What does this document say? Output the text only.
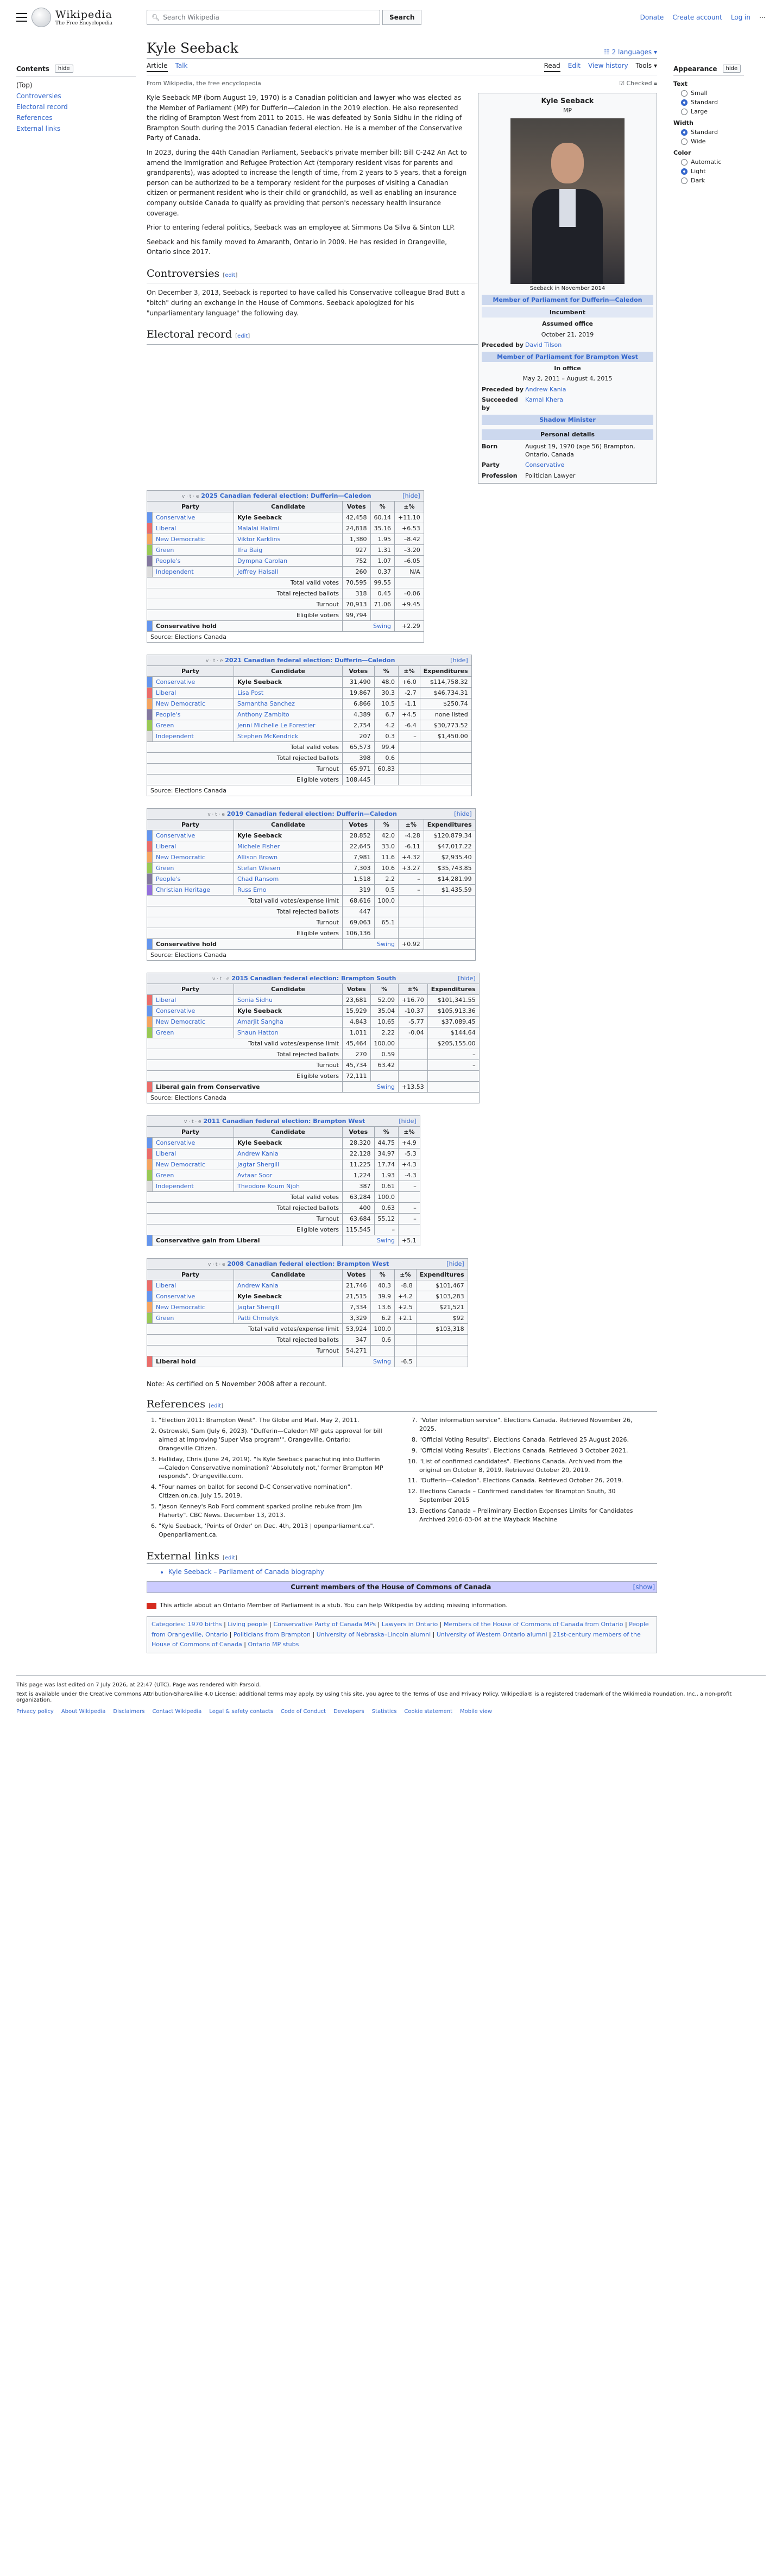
Wikipedia
The Free Encyclopedia
🔍︎ Search Wikipedia	Search	Donate Create account Log in ⋯
Contents	hide
(Top)
Controversies
Electoral record
References
External links
Kyle Seeback	☷ 2 languages ▾
Article Talk	Read Edit View history Tools ▾
From Wikipedia, the free encyclopedia	☑ Checked 🔒︎
Kyle Seeback
MP
Seeback in November 2014
Member of Parliament for Dufferin—Caledon
Incumbent
Assumed office
October 21, 2019
Preceded by David Tilson
Member of Parliament for Brampton West
In office
May 2, 2011 – August 4, 2015
Preceded by Andrew Kania
Succeeded by
Kamal Khera
Shadow Minister
Personal details
Born	August 19, 1970 (age 56) Brampton, Ontario, Canada
Party	Conservative
Profession	Politician Lawyer

Kyle Seeback MP (born August 19, 1970) is a Canadian politician and lawyer who was elected as the Member of Parliament (MP) for Dufferin—Caledon in the 2019 election. He also represented the riding of Brampton West from 2011 to 2015. He was defeated by Sonia Sidhu in the riding of Brampton South during the 2015 Canadian federal election. He is a member of the Conservative Party of Canada.

In 2023, during the 44th Canadian Parliament, Seeback's private member bill: Bill C-242 An Act to amend the Immigration and Refugee Protection Act (temporary resident visas for parents and grandparents), was adopted to increase the length of time, from 2 years to 5 years, that a foreign person can be authorized to be a temporary resident for the purposes of visiting a Canadian citizen or permanent resident who is their child or grandchild, as well as enabling an insurance company outside Canada to qualify as providing that person's necessary health insurance coverage.

Prior to entering federal politics, Seeback was an employee at Simmons Da Silva & Sinton LLP.

Seeback and his family moved to Amaranth, Ontario in 2009. He has resided in Orangeville, Ontario since 2017.

Controversies [edit]

On December 3, 2013, Seeback is reported to have called his Conservative colleague Brad Butt a "bitch" during an exchange in the House of Commons. Seeback apologized for his "unparliamentary language" the following day.

Electoral record [edit]
v · t · e 2025 Canadian federal election: Dufferin—Caledon [hide]					

Party		Candidate	Votes	%	±%
	Conservative	Kyle Seeback	42,458	60.14	+11.10
	Liberal	Malalai Halimi	24,818	35.16	+6.53
	New Democratic	Viktor Karklins	1,380	1.95	–8.42
	Green	Ifra Baig	927	1.31	–3.20
	People's	Dympna Carolan	752	1.07	–6.05
	Independent	Jeffrey Halsall	260	0.37	N/A
Total valid votes			70,595	99.55	
Total rejected ballots			318	0.45	–0.06
Turnout			70,913	71.06	+9.45
Eligible voters			99,794		
	Conservative hold		Swing		+2.29
Source: Elections Canada					
v · t · e 2021 Canadian federal election: Dufferin—Caledon [hide]						

Party		Candidate	Votes	%	±%	Expenditures
	Conservative	Kyle Seeback	31,490	48.0	+6.0	$114,758.32
	Liberal	Lisa Post	19,867	30.3	-2.7	$46,734.31
	New Democratic	Samantha Sanchez	6,866	10.5	-1.1	$250.74
	People's	Anthony Zambito	4,389	6.7	+4.5	none listed
	Green	Jenni Michelle Le Forestier	2,754	4.2	-6.4	$30,773.52
	Independent	Stephen McKendrick	207	0.3	–	$1,450.00
Total valid votes			65,573	99.4		
Total rejected ballots			398	0.6		
Turnout			65,971	60.83		
Eligible voters			108,445			
Source: Elections Canada						
v · t · e 2019 Canadian federal election: Dufferin—Caledon [hide]						

Party		Candidate	Votes	%	±%	Expenditures
	Conservative	Kyle Seeback	28,852	42.0	-4.28	$120,879.34
	Liberal	Michele Fisher	22,645	33.0	-6.11	$47,017.22
	New Democratic	Allison Brown	7,981	11.6	+4.32	$2,935.40
	Green	Stefan Wiesen	7,303	10.6	+3.27	$35,743.85
	People's	Chad Ransom	1,518	2.2	–	$14,281.99
	Christian Heritage	Russ Emo	319	0.5	–	$1,435.59
Total valid votes/expense limit			68,616	100.0		
Total rejected ballots			447			
Turnout			69,063	65.1		
Eligible voters			106,136			
	Conservative hold		Swing		+0.92	
Source: Elections Canada						
v · t · e 2015 Canadian federal election: Brampton South [hide]						

Party		Candidate	Votes	%	±%	Expenditures
	Liberal	Sonia Sidhu	23,681	52.09	+16.70	$101,341.55
	Conservative	Kyle Seeback	15,929	35.04	-10.37	$105,913.36
	New Democratic	Amarjit Sangha	4,843	10.65	-5.77	$37,089.45
	Green	Shaun Hatton	1,011	2.22	-0.04	$144.64
Total valid votes/expense limit			45,464	100.00		$205,155.00
Total rejected ballots			270	0.59		–
Turnout			45,734	63.42		–
Eligible voters			72,111			
	Liberal gain from Conservative		Swing		+13.53	
Source: Elections Canada						
v · t · e 2011 Canadian federal election: Brampton West [hide]					

Party		Candidate	Votes	%	±%
	Conservative	Kyle Seeback	28,320	44.75	+4.9
	Liberal	Andrew Kania	22,128	34.97	-5.3
	New Democratic	Jagtar Shergill	11,225	17.74	+4.3
	Green	Avtaar Soor	1,224	1.93	-4.3
	Independent	Theodore Koum Njoh	387	0.61	–
Total valid votes			63,284	100.0	
Total rejected ballots			400	0.63	–
Turnout			63,684	55.12	–
Eligible voters			115,545	–	
	Conservative gain from Liberal		Swing		+5.1
v · t · e 2008 Canadian federal election: Brampton West [hide]						

Party		Candidate	Votes	%	±%	Expenditures
	Liberal	Andrew Kania	21,746	40.3	-8.8	$101,467
	Conservative	Kyle Seeback	21,515	39.9	+4.2	$103,283
	New Democratic	Jagtar Shergill	7,334	13.6	+2.5	$21,521
	Green	Patti Chmelyk	3,329	6.2	+2.1	$92
Total valid votes/expense limit			53,924	100.0		$103,318
Total rejected ballots			347	0.6		
Turnout			54,271			
	Liberal hold		Swing		-6.5	

Note: As certified on 5 November 2008 after a recount.

References [edit]
1. "Election 2011: Brampton West". The Globe and Mail. May 2, 2011.
2. Ostrowski, Sam (July 6, 2023). "Dufferin—Caledon MP gets approval for bill aimed at improving 'Super Visa program'". Orangeville, Ontario: Orangeville Citizen.
3. Halliday, Chris (June 24, 2019). "Is Kyle Seeback parachuting into Dufferin—Caledon Conservative nomination? 'Absolutely not,' former Brampton MP responds". Orangeville.com.
4. "Four names on ballot for second D-C Conservative nomination". Citizen.on.ca. July 15, 2019.
5. "Jason Kenney's Rob Ford comment sparked proline rebuke from Jim Flaherty". CBC News. December 13, 2013.
6. "Kyle Seeback, 'Points of Order' on Dec. 4th, 2013 | openparliament.ca". Openparliament.ca.
7. "Voter information service". Elections Canada. Retrieved November 26, 2025.
8. "Official Voting Results". Elections Canada. Retrieved 25 August 2026.
9. "Official Voting Results". Elections Canada. Retrieved 3 October 2021.
10. "List of confirmed candidates". Elections Canada. Archived from the original on October 8, 2019. Retrieved October 20, 2019.
11. "Dufferin—Caledon". Elections Canada. Retrieved October 26, 2019.
12. Elections Canada – Confirmed candidates for Brampton South, 30 September 2015
13. Elections Canada – Preliminary Election Expenses Limits for Candidates Archived 2016-03-04 at the Wayback Machine
External links [edit]
• Kyle Seeback – Parliament of Canada biography
Current members of the House of Commons of Canada	[show]
This article about an Ontario Member of Parliament is a stub. You can help Wikipedia by adding missing information.
Categories: 1970 births | Living people | Conservative Party of Canada MPs | Lawyers in Ontario | Members of the House of Commons of Canada from Ontario | People from Orangeville, Ontario | Politicians from Brampton | University of Nebraska–Lincoln alumni | University of Western Ontario alumni | 21st-century members of the House of Commons of Canada | Ontario MP stubs
Appearance	hide
Text
Small
Standard
Large
Width
Standard
Wide
Color
Automatic
Light
Dark
This page was last edited on 7 July 2026, at 22:47 (UTC). Page was rendered with Parsoid.
Text is available under the Creative Commons Attribution-ShareAlike 4.0 License; additional terms may apply. By using this site, you agree to the Terms of Use and Privacy Policy. Wikipedia® is a registered trademark of the Wikimedia Foundation, Inc., a non-profit organization.
Privacy policy About Wikipedia Disclaimers Contact Wikipedia Legal & safety contacts Code of Conduct Developers Statistics Cookie statement Mobile view
